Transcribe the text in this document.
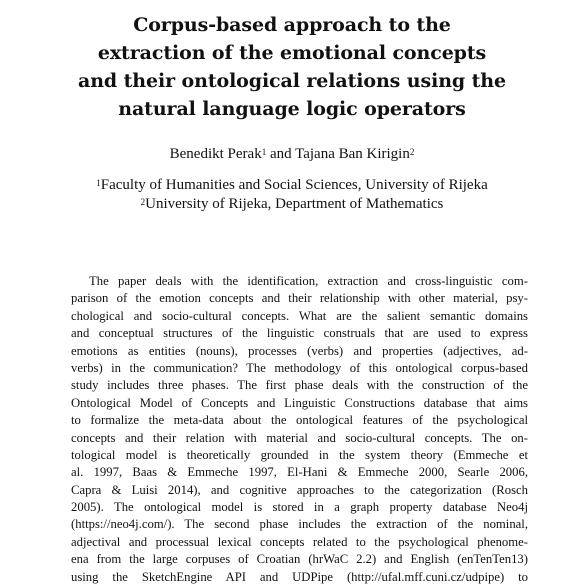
Corpus-based approach to the
extraction of the emotional concepts
and their ontological relations using the
natural language logic operators
Benedikt Perak$^1$ and Tajana Ban Kirigin$^2$
$^1$Faculty of Humanities and Social Sciences, University of Rijeka
$^2$University of Rijeka, Department of Mathematics
The paper deals with the identification, extraction and cross-linguistic com-
parison of the emotion concepts and their relationship with other material, psy-
chological and socio-cultural concepts. What are the salient semantic domains
and conceptual structures of the linguistic construals that are used to express
emotions as entities (nouns), processes (verbs) and properties (adjectives, ad-
verbs) in the communication? The methodology of this ontological corpus-based
study includes three phases. The first phase deals with the construction of the
Ontological Model of Concepts and Linguistic Constructions database that aims
to formalize the meta-data about the ontological features of the psychological
concepts and their relation with material and socio-cultural concepts. The on-
tological model is theoretically grounded in the system theory (Emmeche et
al. 1997, Baas & Emmeche 1997, El-Hani & Emmeche 2000, Searle 2006,
Capra & Luisi 2014), and cognitive approaches to the categorization (Rosch
2005). The ontological model is stored in a graph property database Neo4j
(https://neo4j.com/). The second phase includes the extraction of the nominal,
adjectival and processual lexical concepts related to the psychological phenome-
ena from the large corpuses of Croatian (hrWaC 2.2) and English (enTenTen13)
using the SketchEngine API and UDPipe (http://ufal.mff.cuni.cz/udpipe) to
